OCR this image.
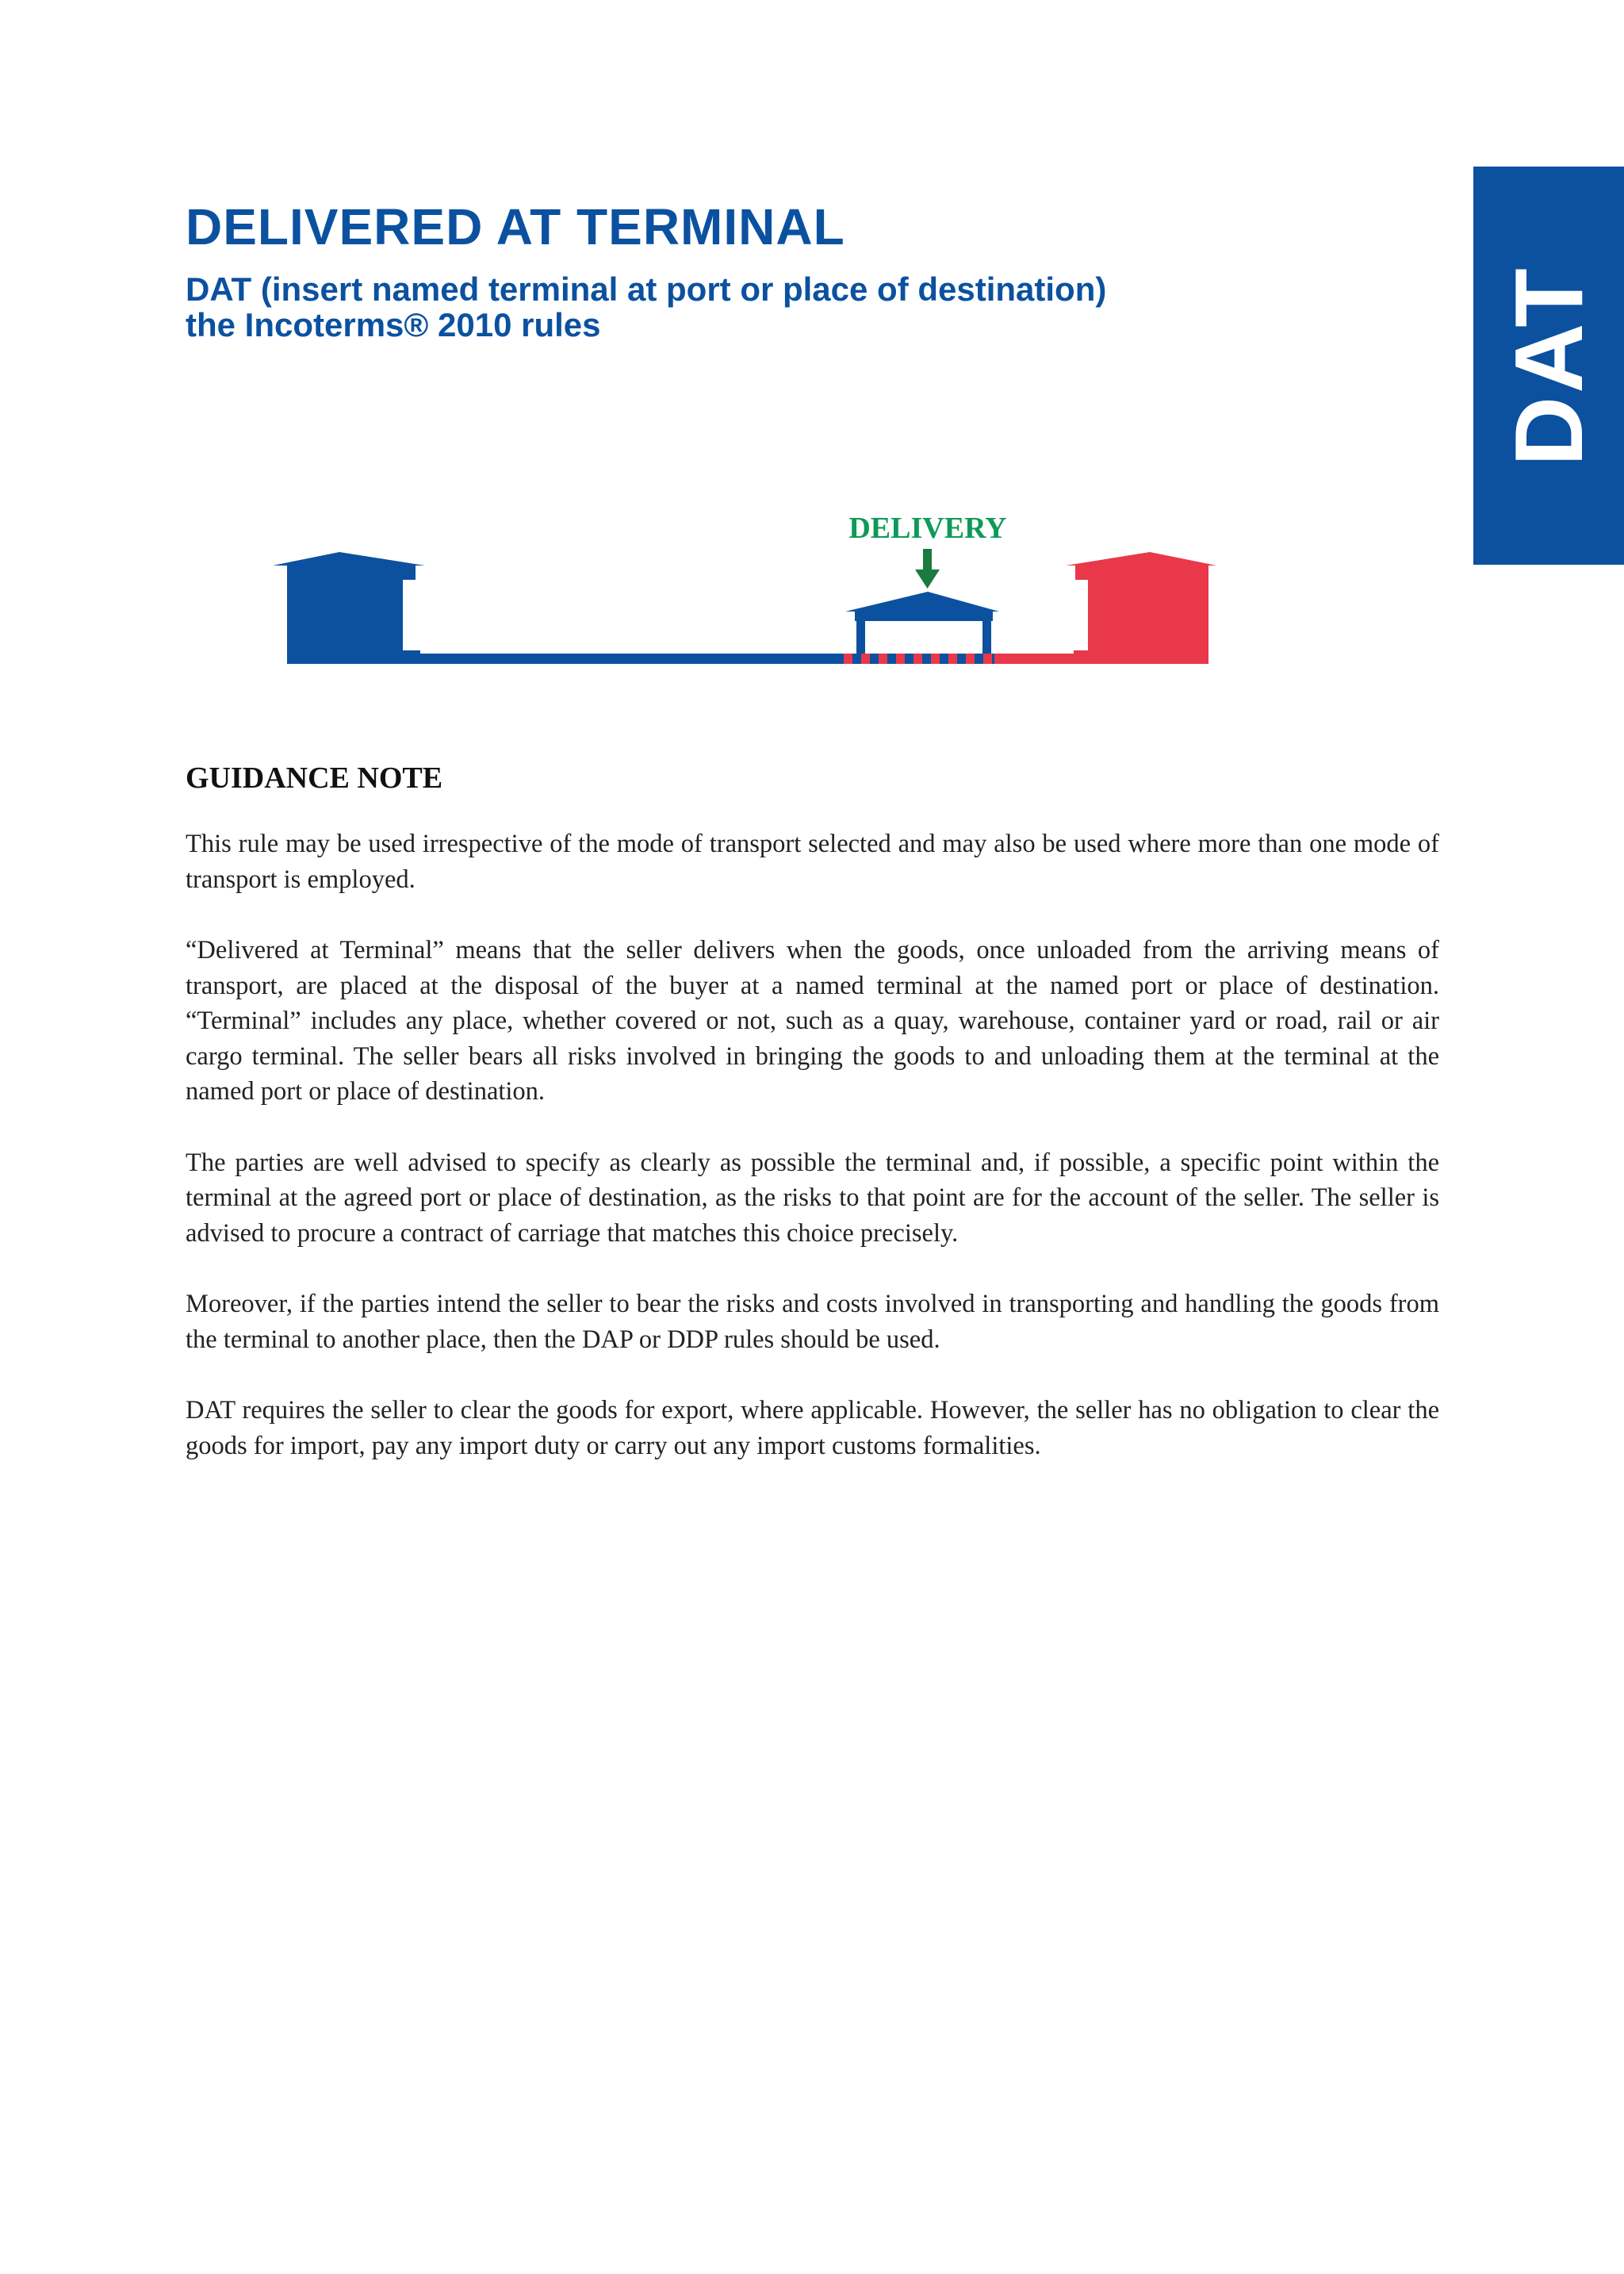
DAT
DELIVERED AT TERMINAL
DAT (insert named terminal at port or place of destination)
the Incoterms® 2010 rules
DELIVERY
GUIDANCE NOTE

This rule may be used irrespective of the mode of transport selected and may also be used where more than one mode of transport is employed.

“Delivered at Terminal” means that the seller delivers when the goods, once unloaded from the arriving means of transport, are placed at the disposal of the buyer at a named terminal at the named port or place of destination. “Terminal” includes any place, whether covered or not, such as a quay, warehouse, container yard or road, rail or air cargo terminal. The seller bears all risks involved in bringing the goods to and unloading them at the terminal at the named port or place of destination.

The parties are well advised to specify as clearly as possible the terminal and, if possible, a specific point within the terminal at the agreed port or place of destination, as the risks to that point are for the account of the seller. The seller is advised to procure a contract of carriage that matches this choice precisely.

Moreover, if the parties intend the seller to bear the risks and costs involved in transporting and handling the goods from the terminal to another place, then the DAP or DDP rules should be used.

DAT requires the seller to clear the goods for export, where applicable. However, the seller has no obligation to clear the goods for import, pay any import duty or carry out any import customs formalities.
